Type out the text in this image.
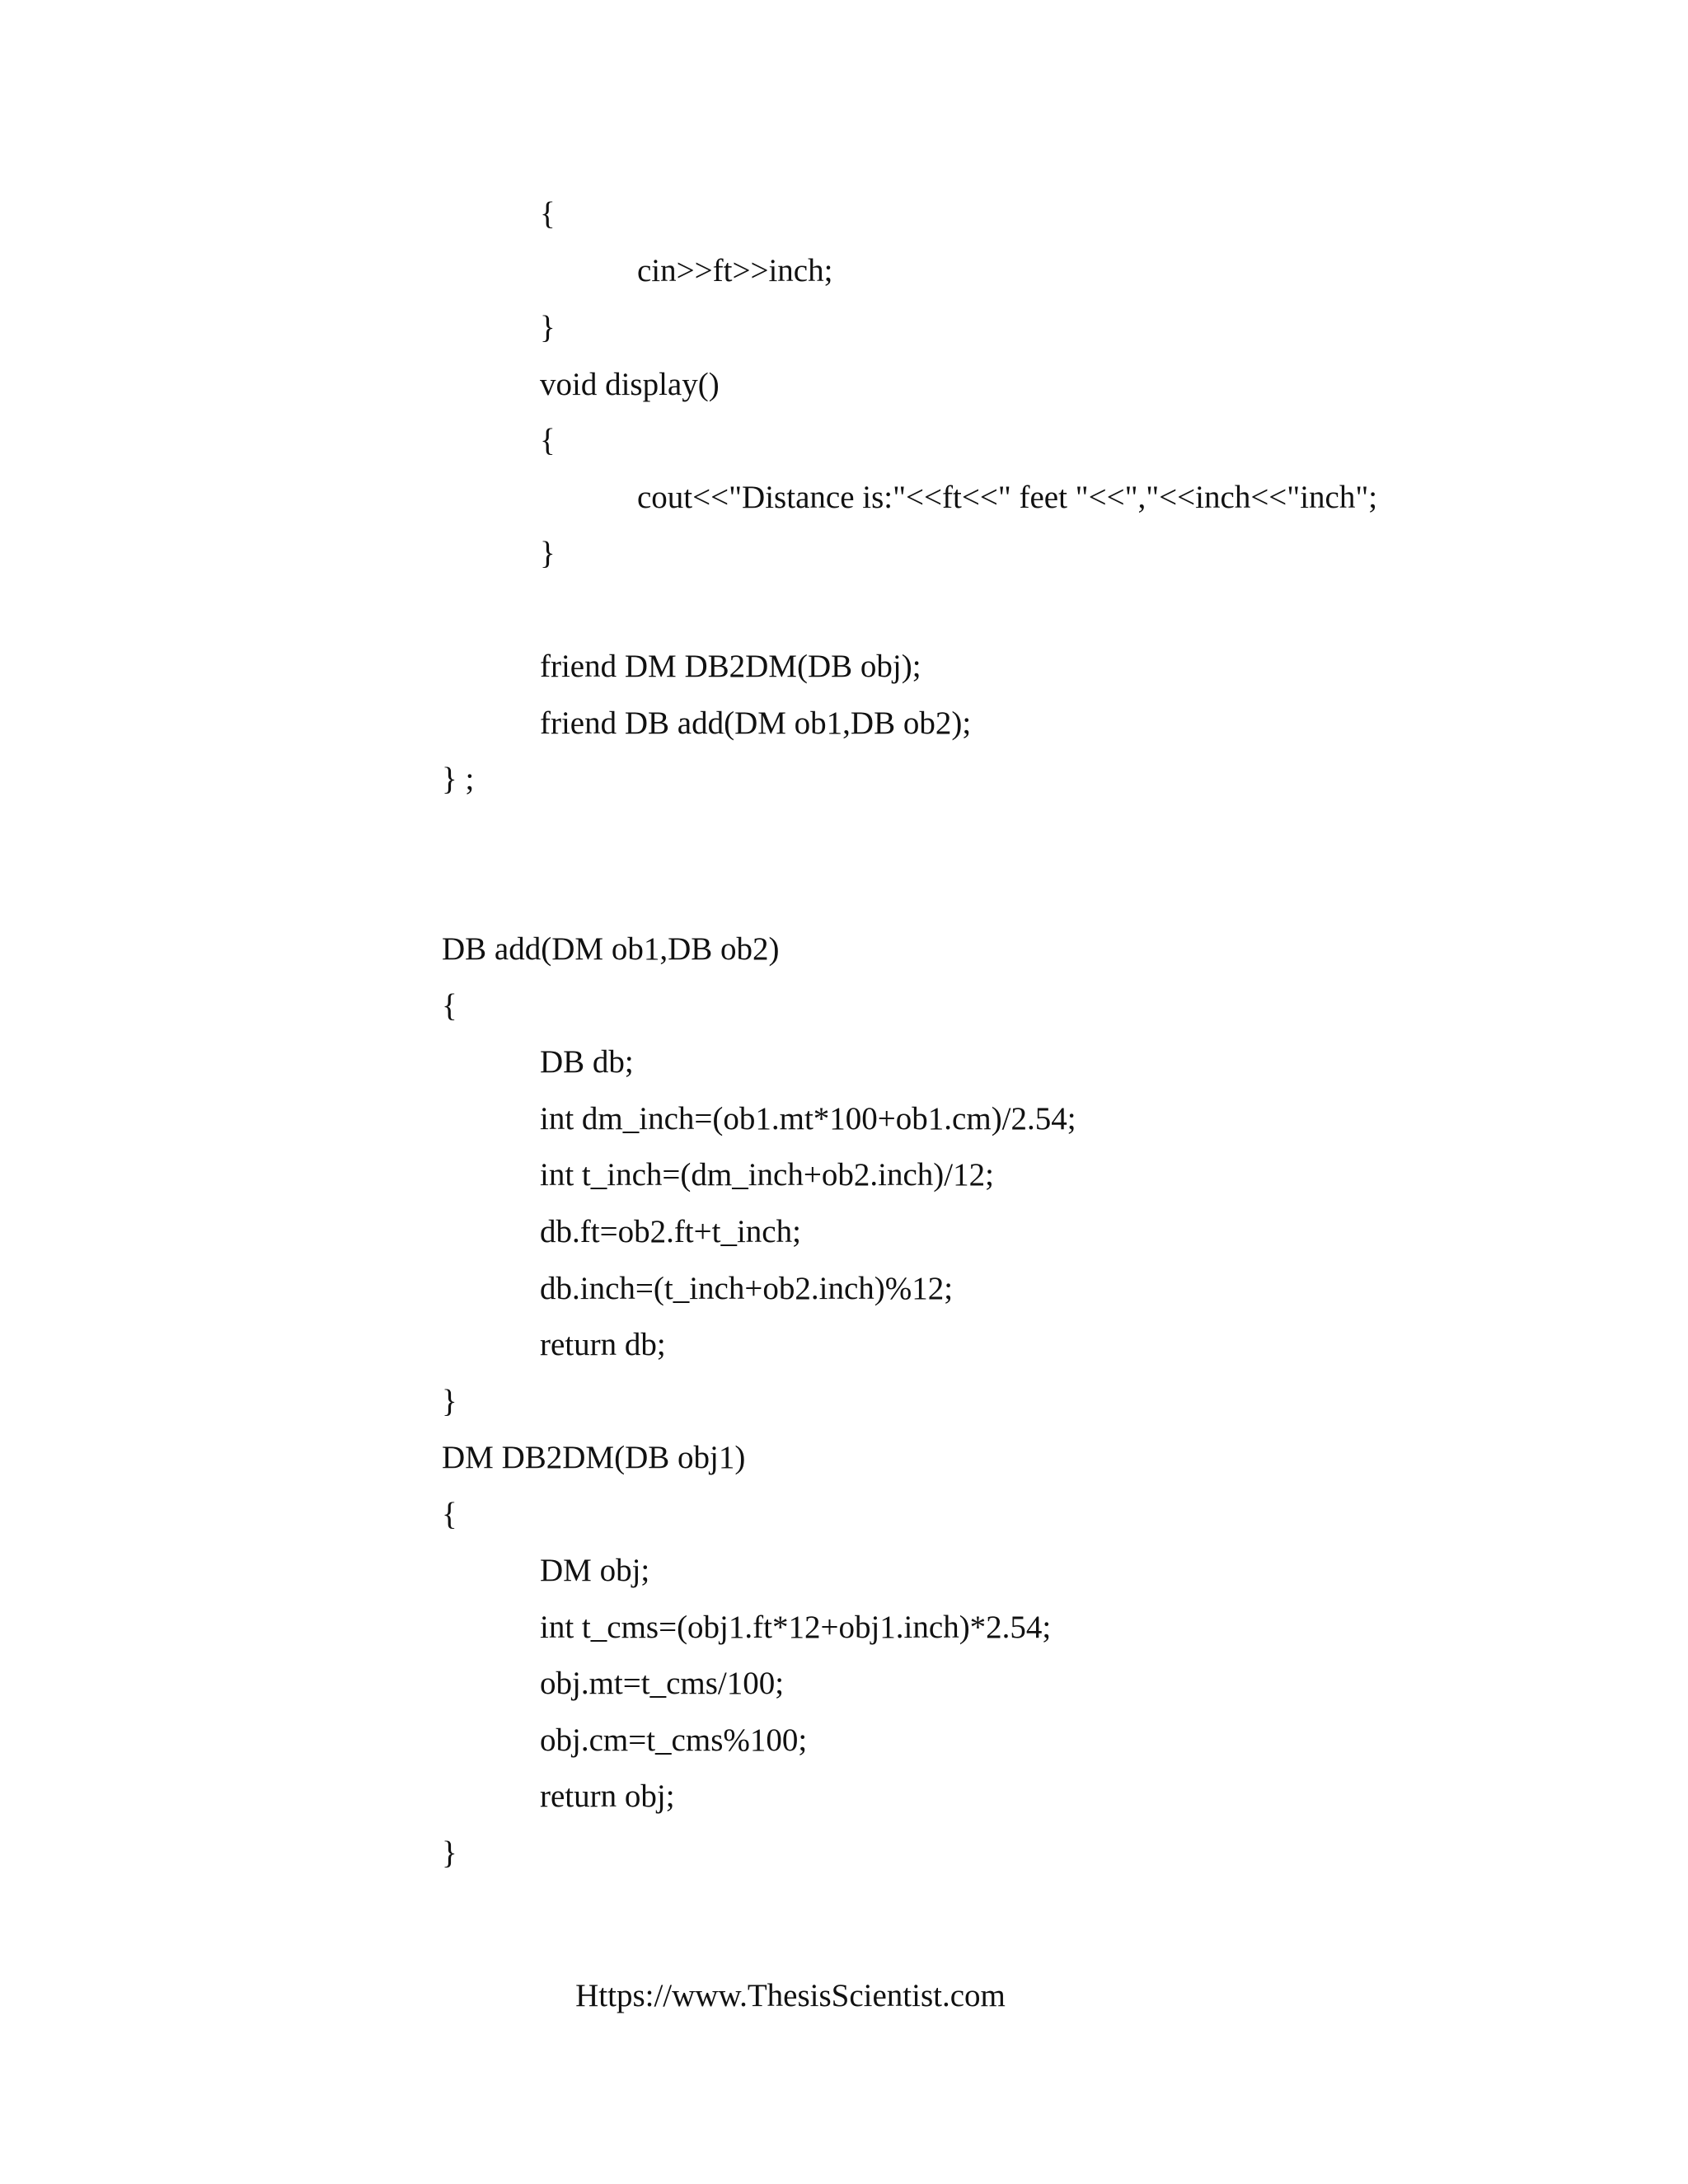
{
cin>>ft>>inch;
}
void display()
{
cout<<"Distance is:"<<ft<<" feet "<<","<<inch<<"inch";
}
friend DM DB2DM(DB obj);
friend DB add(DM ob1,DB ob2);
} ;
DB add(DM ob1,DB ob2)
{
DB db;
int dm_inch=(ob1.mt*100+ob1.cm)/2.54;
int t_inch=(dm_inch+ob2.inch)/12;
db.ft=ob2.ft+t_inch;
db.inch=(t_inch+ob2.inch)%12;
return db;
}
DM DB2DM(DB obj1)
{
DM obj;
int t_cms=(obj1.ft*12+obj1.inch)*2.54;
obj.mt=t_cms/100;
obj.cm=t_cms%100;
return obj;
}
Https://www.ThesisScientist.com
